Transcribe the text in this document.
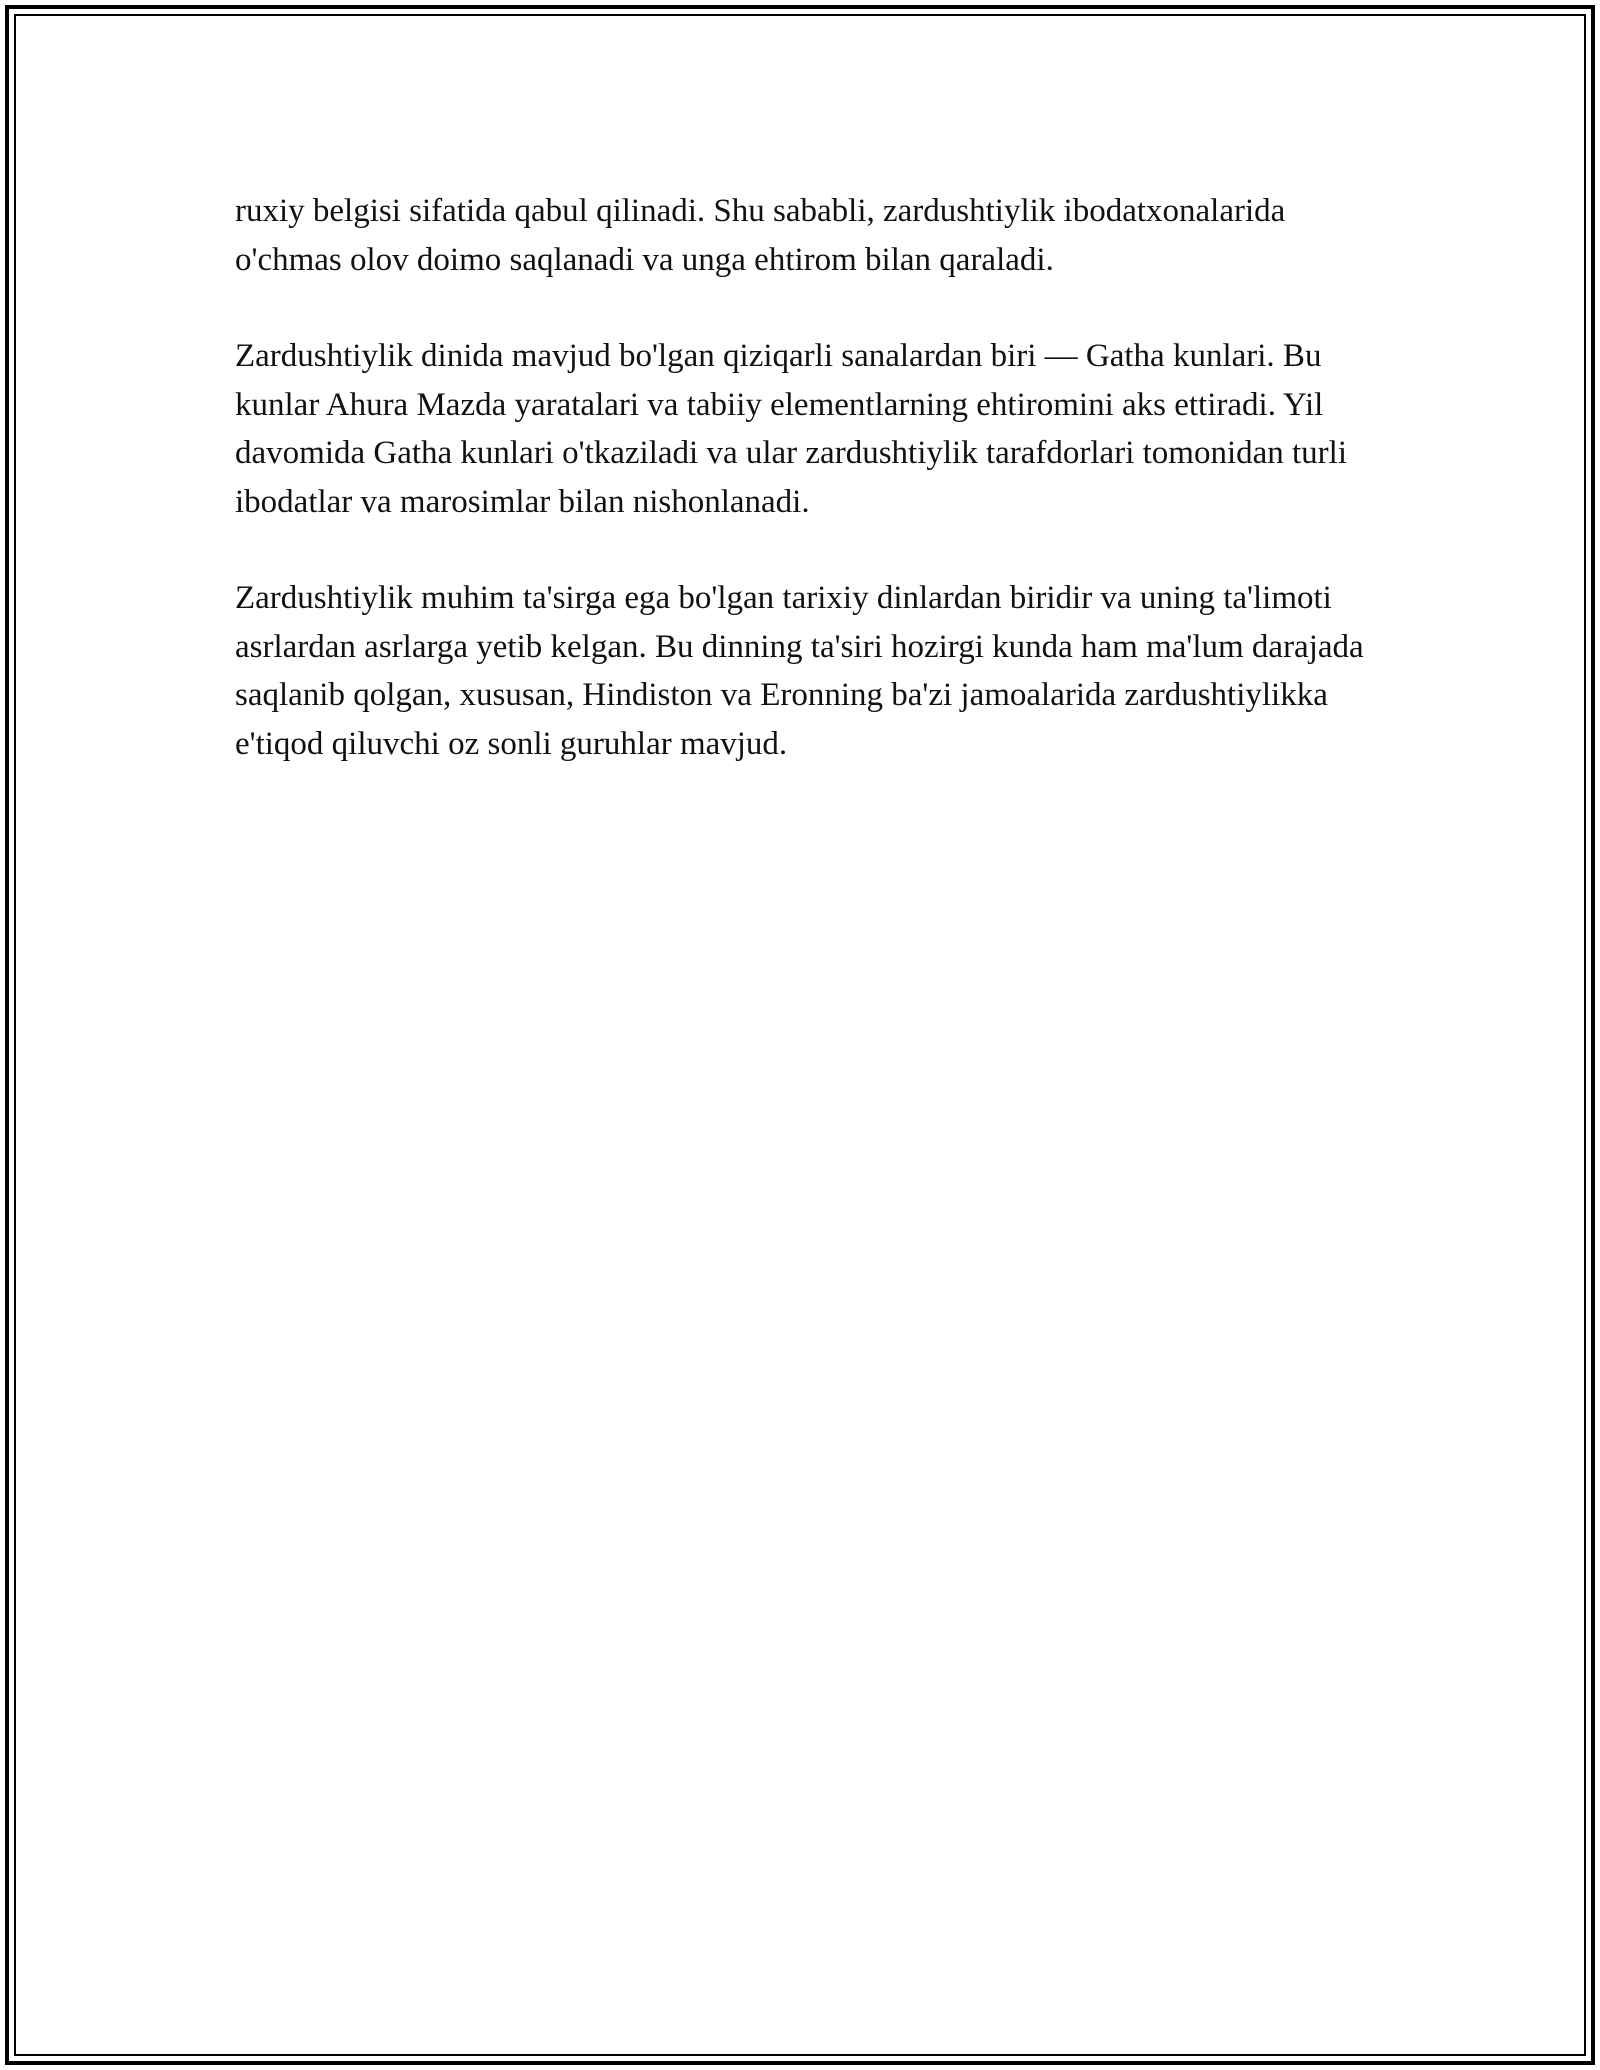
ruxiy belgisi sifatida qabul qilinadi. Shu sababli, zardushtiylik ibodatxonalarida o'chmas olov doimo saqlanadi va unga ehtirom bilan qaraladi.

Zardushtiylik dinida mavjud bo'lgan qiziqarli sanalardan biri — Gatha kunlari. Bu kunlar Ahura Mazda yaratalari va tabiiy elementlarning ehtiromini aks ettiradi. Yil davomida Gatha kunlari o'tkaziladi va ular zardushtiylik tarafdorlari tomonidan turli ibodatlar va marosimlar bilan nishonlanadi.

Zardushtiylik muhim ta'sirga ega bo'lgan tarixiy dinlardan biridir va uning ta'limoti asrlardan asrlarga yetib kelgan. Bu dinning ta'siri hozirgi kunda ham ma'lum darajada saqlanib qolgan, xususan, Hindiston va Eronning ba'zi jamoalarida zardushtiylikka e'tiqod qiluvchi oz sonli guruhlar mavjud.
